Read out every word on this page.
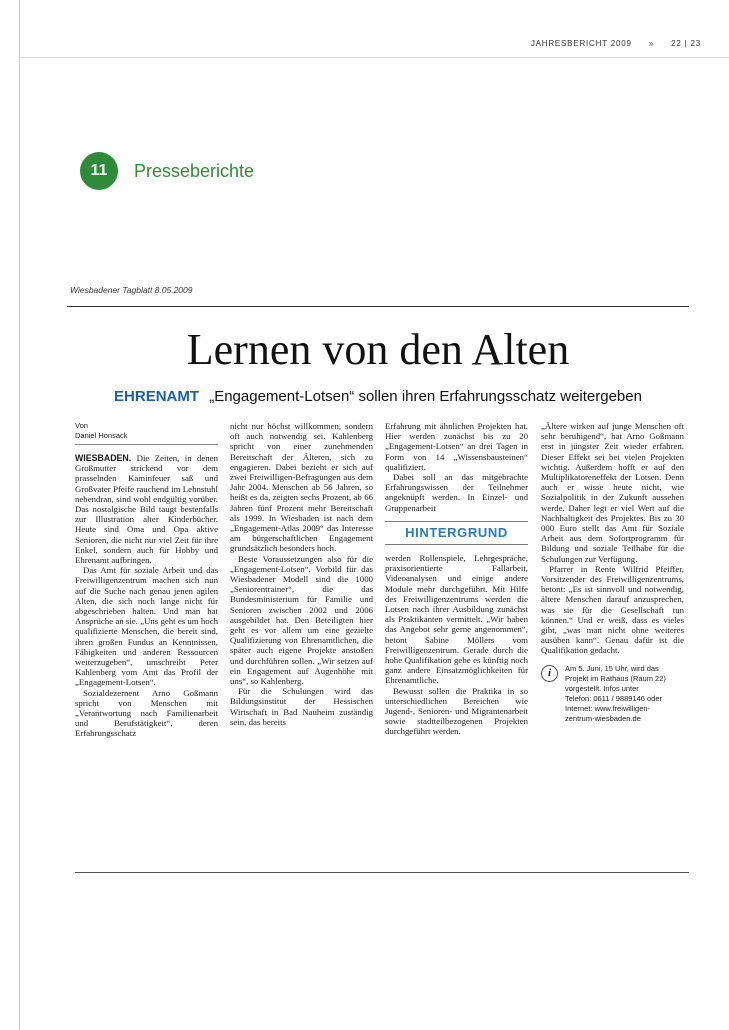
JAHRESBERICHT 2009 » 22 | 23
11	Presseberichte
Wiesbadener Tagblatt 8.05.2009
Lernen von den Alten
EHRENAMT „Engagement-Lotsen“ sollen ihren Erfahrungsschatz weitergeben
Von
Daniel Honsack

WIESBADEN. Die Zeiten, in denen Großmutter strickend vor dem prasselnden Kaminfeuer saß und Großvater Pfeife rauchend im Lehnstuhl nebendran, sind wohl endgültig vorüber. Das nostalgische Bild taugt bestenfalls zur Illustration alter Kinderbücher. Heute sind Oma und Opa aktive Senioren, die nicht nur viel Zeit für ihre Enkel, sondern auch für Hobby und Ehrenamt aufbringen.

Das Amt für soziale Arbeit und das Freiwilligenzentrum machen sich nun auf die Suche nach genau jenen agilen Alten, die sich noch lange nicht für abgeschrieben halten. Und man hat Ansprüche an sie. „Uns geht es um hoch qualifizierte Menschen, die bereit sind, ihren großen Fundus an Kenntnissen, Fähigkeiten und anderen Ressourcen weiterzugeben“, umschreibt Peter Kahlenberg vom Amt das Profil der „Engagement-Lotsen“.

Sozialdezernent Arno Goßmann spricht von Menschen mit „Verantwortung nach Familienarbeit und Berufstätigkeit“, deren Erfahrungsschatz

nicht nur höchst willkommen, sondern oft auch notwendig sei. Kahlenberg spricht von einer zunehmenden Bereitschaft der Älteren, sich zu engagieren. Dabei bezieht er sich auf zwei Freiwilligen-Befragungen aus dem Jahr 2004. Menschen ab 56 Jahren, so heißt es da, zeigten sechs Prozent, ab 66 Jahren fünf Prozent mehr Bereitschaft als 1999. In Wiesbaden ist nach dem „Engagement-Atlas 2009“ das Interesse am bürgerschaftlichen Engagement grundsätzlich besonders hoch.

Beste Voraussetzungen also für die „Engagement-Lotsen“. Vorbild für das Wiesbadener Modell sind die 1000 „Seniorentrainer“, die das Bundesministerium für Familie und Senioren zwischen 2002 und 2006 ausgebildet hat. Den Beteiligten hier geht es vor allem um eine gezielte Qualifizierung von Ehrenamtlichen, die später auch eigene Projekte anstoßen und durchführen sollen. „Wir setzen auf ein Engagement auf Augenhöhe mit uns“, so Kahlenberg.

Für die Schulungen wird das Bildungsinstitut der Hessischen Wirtschaft in Bad Nauheim zuständig sein, das bereits

Erfahrung mit ähnlichen Projekten hat. Hier werden zunächst bis zu 20 „Engagement-Lotsen“ an drei Tagen in Form von 14 „Wissensbausteinen“ qualifiziert.

Dabei soll an das mitgebrachte Erfahrungswissen der Teilnehmer angeknüpft werden. In Einzel- und Gruppenarbeit

HINTERGRUND

werden Rollenspiele, Lehrgespräche, praxisorientierte Fallarbeit, Videoanalysen und einige andere Module mehr durchgeführt. Mit Hilfe des Freiwilligenzentrums werden die Lotsen nach ihrer Ausbildung zunächst als Praktikanten vermittelt. „Wir haben das Angebot sehr gerne angenommen“, betont Sabine Möllers vom Freiwilligenzentrum. Gerade durch die hohe Qualifikation gebe es künftig noch ganz andere Einsatzmöglichkeiten für Ehrenamtliche.

Bewusst sollen die Praktika in so unterschiedlichen Bereichen wie Jugend-, Senioren- und Migrantenarbeit sowie stadtteilbezogenen Projekten durchgeführt werden.

„Ältere wirken auf junge Menschen oft sehr beruhigend“, hat Arno Goßmann erst in jüngster Zeit wieder erfahren. Dieser Effekt sei bei vielen Projekten wichtig. Außerdem hofft er auf den Multiplikatoreneffekt der Lotsen. Denn auch er wisse heute nicht, wie Sozialpolitik in der Zukunft aussehen werde. Daher legt er viel Wert auf die Nachhaltigkeit des Projektes. Bis zu 30 000 Euro stellt das Amt für Soziale Arbeit aus dem Sofortprogramm für Bildung und soziale Teilhabe für die Schulungen zur Verfügung.

Pfarrer in Rente Wilfrid Pfeiffer, Vorsitzender des Freiwilligenzentrums, betont: „Es ist sinnvoll und notwendig, ältere Menschen darauf anzusprechen, was sie für die Gesellschaft tun können.“ Und er weiß, dass es vieles gibt, „was man nicht ohne weiteres ausüben kann“. Genau dafür ist die Qualifikation gedacht.

i	Am 5. Juni, 15 Uhr, wird das
Projekt im Rathaus (Raum 22)
vorgestellt. Infos unter
Telefon: 0611 / 9889146 oder
Internet: www.freiwilligen-
zentrum-wiesbaden.de
